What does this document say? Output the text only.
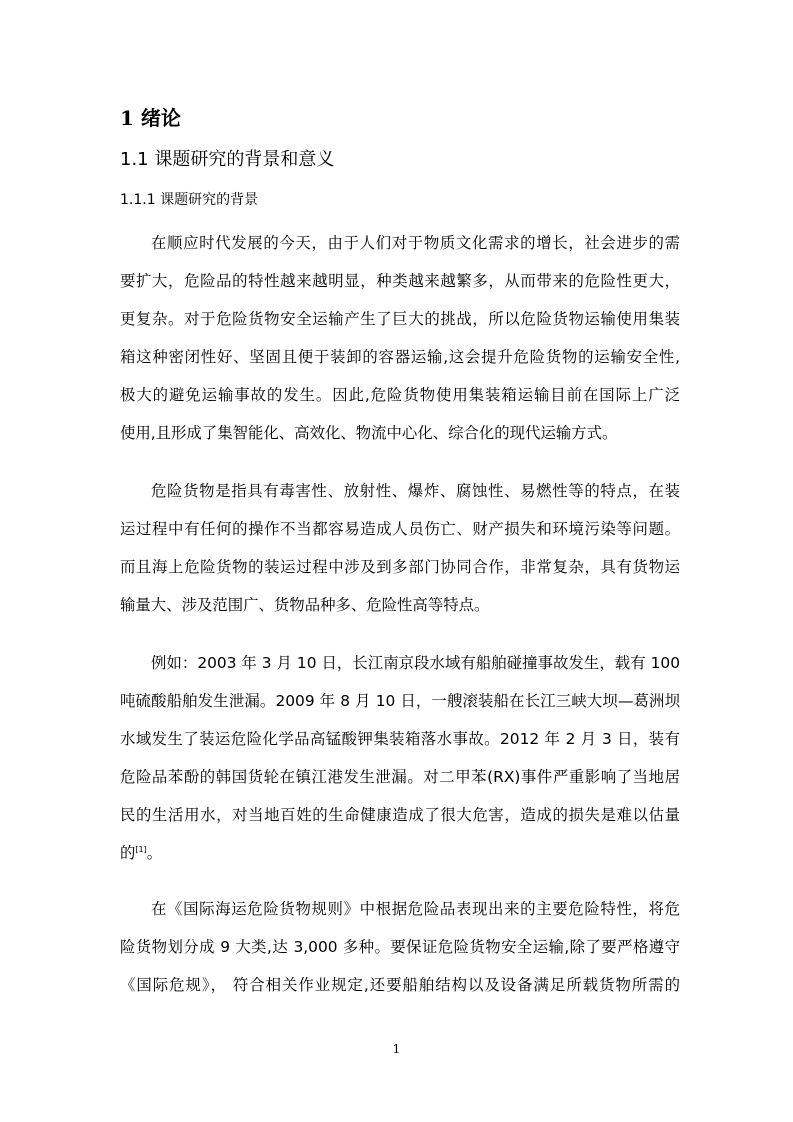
1 绪论
1.1 课题研究的背景和意义
1.1.1 课题研究的背景
在顺应时代发展的今天，由于人们对于物质文化需求的增长，社会进步的需
要扩大，危险品的特性越来越明显，种类越来越繁多，从而带来的危险性更大，
更复杂。对于危险货物安全运输产生了巨大的挑战，所以危险货物运输使用集装
箱这种密闭性好、坚固且便于装卸的容器运输,这会提升危险货物的运输安全性,
极大的避免运输事故的发生。因此,危险货物使用集装箱运输目前在国际上广泛
使用,且形成了集智能化、高效化、物流中心化、综合化的现代运输方式。
危险货物是指具有毒害性、放射性、爆炸、腐蚀性、易燃性等的特点，在装
运过程中有任何的操作不当都容易造成人员伤亡、财产损失和环境污染等问题。
而且海上危险货物的装运过程中涉及到多部门协同合作，非常复杂，具有货物运
输量大、涉及范围广、货物品种多、危险性高等特点。
例如：2003 年 3 月 10 日，长江南京段水域有船舶碰撞事故发生，载有 100
吨硫酸船舶发生泄漏。2009 年 8 月 10 日，一艘滚装船在长江三峡大坝—葛洲坝
水域发生了装运危险化学品高锰酸钾集装箱落水事故。2012 年 2 月 3 日，装有
危险品苯酚的韩国货轮在镇江港发生泄漏。对二甲苯(RX)事件严重影响了当地居
民的生活用水，对当地百姓的生命健康造成了很大危害，造成的损失是难以估量
的[1]。
在《国际海运危险货物规则》中根据危险品表现出来的主要危险特性，将危
险货物划分成 9 大类,达 3,000 多种。要保证危险货物安全运输,除了要严格遵守
《国际危规》， 符合相关作业规定,还要船舶结构以及设备满足所载货物所需的
1
